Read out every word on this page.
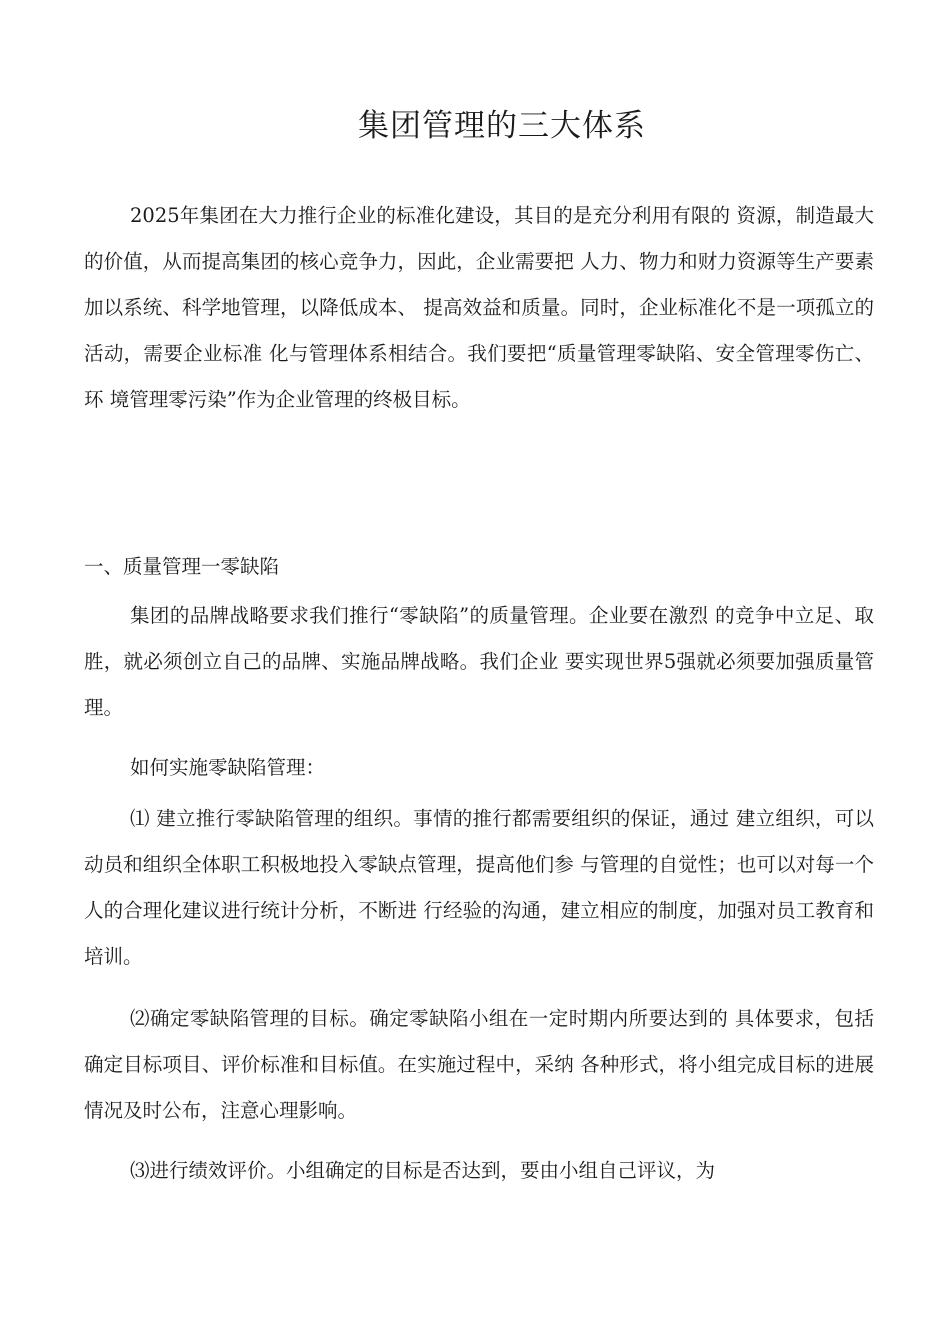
集团管理的三大体系

2025年集团在大力推行企业的标准化建设，其目的是充分利用有限的 资源，制造最大的价值，从而提高集团的核心竞争力，因此，企业需要把 人力、物力和财力资源等生产要素加以系统、科学地管理，以降低成本、 提高效益和质量。同时，企业标准化不是一项孤立的活动，需要企业标准 化与管理体系相结合。我们要把“质量管理零缺陷、安全管理零伤亡、环 境管理零污染”作为企业管理的终极目标。

一、质量管理一零缺陷

集团的品牌战略要求我们推行“零缺陷”的质量管理。企业要在激烈 的竞争中立足、取胜，就必须创立自己的品牌、实施品牌战略。我们企业 要实现世界5强就必须要加强质量管理。

如何实施零缺陷管理：

⑴ 建立推行零缺陷管理的组织。事情的推行都需要组织的保证，通过 建立组织，可以动员和组织全体职工积极地投入零缺点管理，提高他们参 与管理的自觉性；也可以对每一个人的合理化建议进行统计分析，不断进 行经验的沟通，建立相应的制度，加强对员工教育和培训。

⑵确定零缺陷管理的目标。确定零缺陷小组在一定时期内所要达到的 具体要求，包括确定目标项目、评价标准和目标值。在实施过程中，采纳 各种形式，将小组完成目标的进展情况及时公布，注意心理影响。

⑶进行绩效评价。小组确定的目标是否达到，要由小组自己评议，为
